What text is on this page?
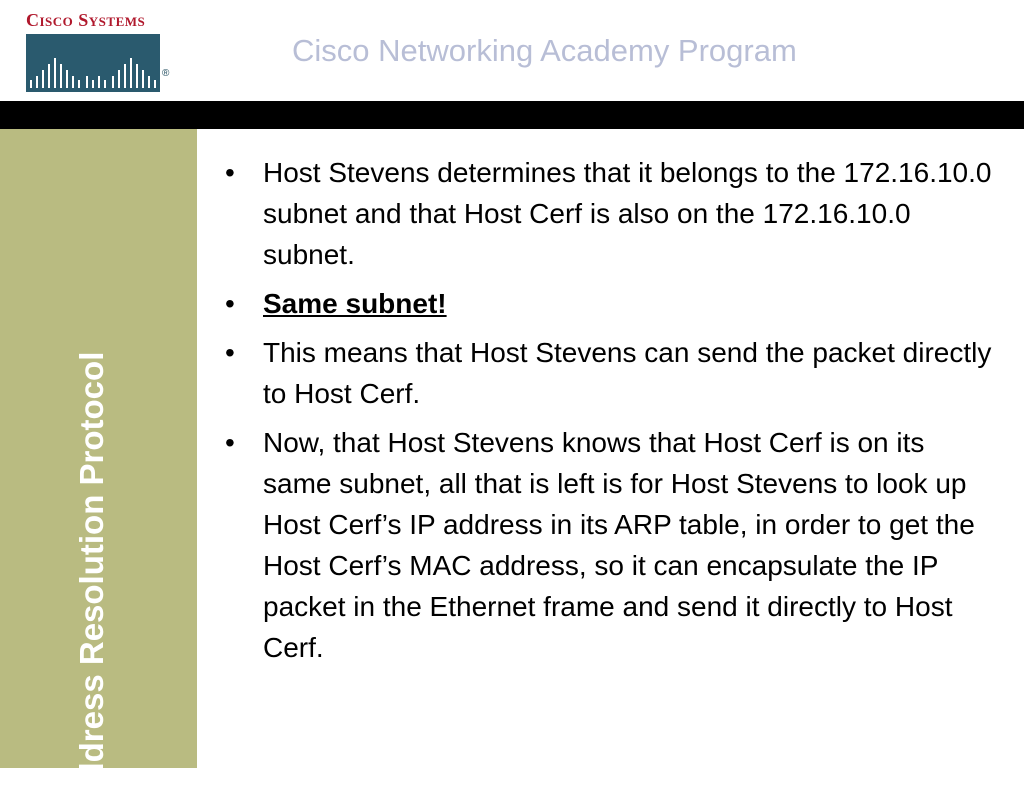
Cisco Systems
®
Cisco Networking Academy Program
Address Resolution Protocol
• Host Stevens determines that it belongs to the 172.16.10.0 subnet and that Host Cerf is also on the 172.16.10.0 subnet.
• Same subnet!
• This means that Host Stevens can send the packet directly to Host Cerf.
• Now, that Host Stevens knows that Host Cerf is on its same subnet, all that is left is for Host Stevens to look up Host Cerf’s IP address in its ARP table, in order to get the Host Cerf’s MAC address, so it can encapsulate the IP packet in the Ethernet frame and send it directly to Host Cerf.
